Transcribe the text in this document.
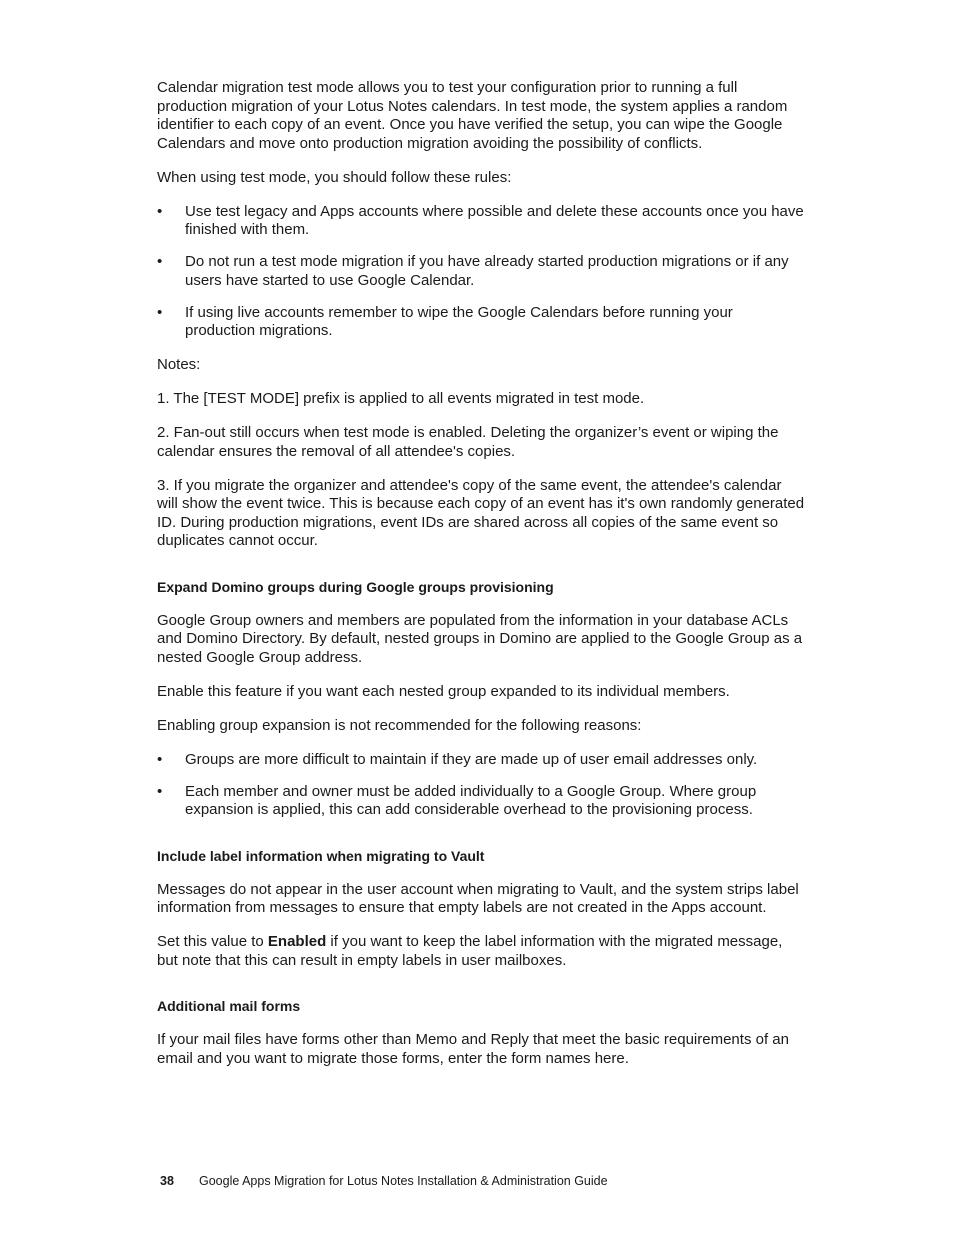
Calendar migration test mode allows you to test your configuration prior to running a full production migration of your Lotus Notes calendars. In test mode, the system applies a random identifier to each copy of an event. Once you have verified the setup, you can wipe the Google Calendars and move onto production migration avoiding the possibility of conflicts.

When using test mode, you should follow these rules:

• Use test legacy and Apps accounts where possible and delete these accounts once you have finished with them.
• Do not run a test mode migration if you have already started production migrations or if any users have started to use Google Calendar.
• If using live accounts remember to wipe the Google Calendars before running your production migrations.

Notes:

1. The [TEST MODE] prefix is applied to all events migrated in test mode.

2. Fan-out still occurs when test mode is enabled. Deleting the organizer’s event or wiping the calendar ensures the removal of all attendee's copies.

3. If you migrate the organizer and attendee's copy of the same event, the attendee's calendar will show the event twice. This is because each copy of an event has it's own randomly generated ID. During production migrations, event IDs are shared across all copies of the same event so duplicates cannot occur.

Expand Domino groups during Google groups provisioning

Google Group owners and members are populated from the information in your database ACLs and Domino Directory. By default, nested groups in Domino are applied to the Google Group as a nested Google Group address.

Enable this feature if you want each nested group expanded to its individual members.

Enabling group expansion is not recommended for the following reasons:

• Groups are more difficult to maintain if they are made up of user email addresses only.
• Each member and owner must be added individually to a Google Group. Where group expansion is applied, this can add considerable overhead to the provisioning process.
Include label information when migrating to Vault

Messages do not appear in the user account when migrating to Vault, and the system strips label information from messages to ensure that empty labels are not created in the Apps account.

Set this value to Enabled if you want to keep the label information with the migrated message, but note that this can result in empty labels in user mailboxes.

Additional mail forms

If your mail files have forms other than Memo and Reply that meet the basic requirements of an email and you want to migrate those forms, enter the form names here.

38 Google Apps Migration for Lotus Notes Installation & Administration Guide
